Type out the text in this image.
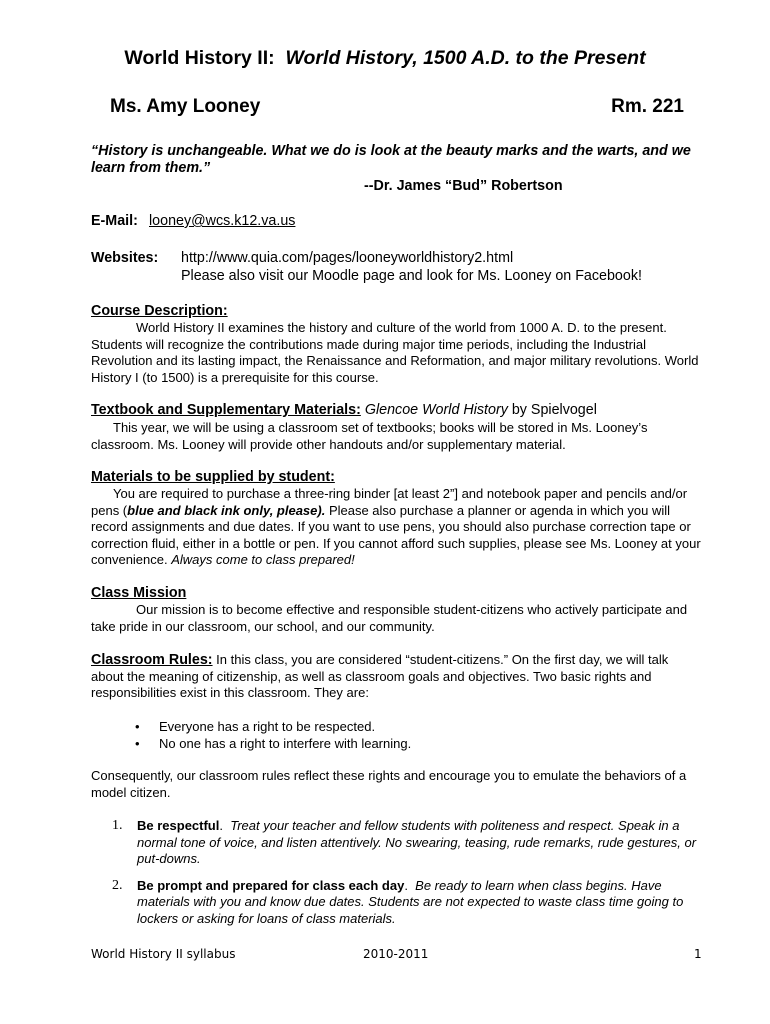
World History II: World History, 1500 A.D. to the Present
Ms. Amy Looney	Rm. 221
“History is unchangeable. What we do is look at the beauty marks and the warts, and we learn from them.”
--Dr. James “Bud” Robertson
E-Mail: looney@wcs.k12.va.us
Websites: http://www.quia.com/pages/looneyworldhistory2.html
Please also visit our Moodle page and look for Ms. Looney on Facebook!
Course Description:
World History II examines the history and culture of the world from 1000 A. D. to the present. Students will recognize the contributions made during major time periods, including the Industrial Revolution and its lasting impact, the Renaissance and Reformation, and major military revolutions. World History I (to 1500) is a prerequisite for this course.
Textbook and Supplementary Materials: Glencoe World History by Spielvogel
This year, we will be using a classroom set of textbooks; books will be stored in Ms. Looney’s classroom. Ms. Looney will provide other handouts and/or supplementary material.
Materials to be supplied by student:
You are required to purchase a three-ring binder [at least 2”] and notebook paper and pencils and/or pens (blue and black ink only, please). Please also purchase a planner or agenda in which you will record assignments and due dates. If you want to use pens, you should also purchase correction tape or correction fluid, either in a bottle or pen. If you cannot afford such supplies, please see Ms. Looney at your convenience. Always come to class prepared!
Class Mission
Our mission is to become effective and responsible student-citizens who actively participate and take pride in our classroom, our school, and our community.
Classroom Rules: In this class, you are considered “student-citizens.” On the first day, we will talk about the meaning of citizenship, as well as classroom goals and objectives. Two basic rights and responsibilities exist in this classroom. They are:
• Everyone has a right to be respected.
• No one has a right to interfere with learning.
Consequently, our classroom rules reflect these rights and encourage you to emulate the behaviors of a model citizen.
1. Be respectful.  Treat your teacher and fellow students with politeness and respect. Speak in a normal tone of voice, and listen attentively. No swearing, teasing, rude remarks, rude gestures, or put-downs.
2. Be prompt and prepared for class each day.  Be ready to learn when class begins. Have materials with you and know due dates. Students are not expected to waste class time going to lockers or asking for loans of class materials.
World History II syllabus	2010-2011	1
